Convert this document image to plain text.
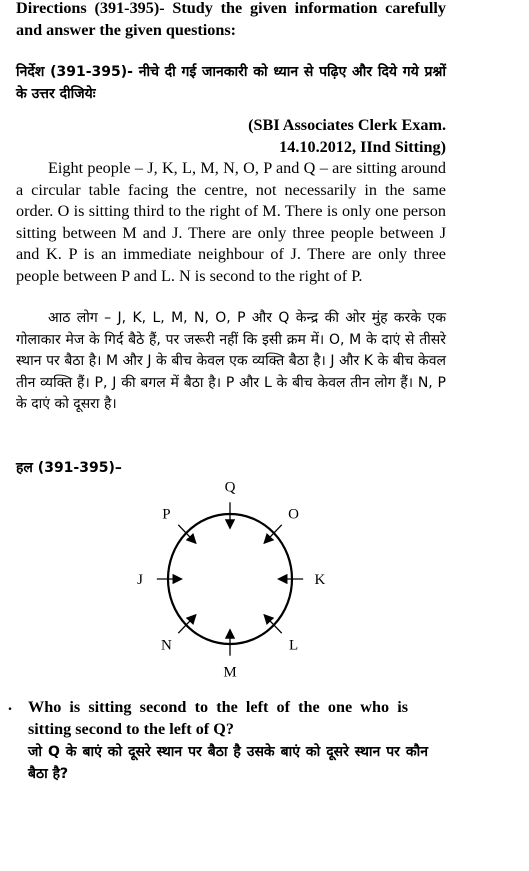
Directions (391-395)- Study the given information carefully and answer the given questions:
निर्देश (391-395)- नीचे दी गई जानकारी को ध्यान से पढ़िए और दिये गये प्रश्नों के उत्तर दीजियेः
(SBI Associates Clerk Exam.
14.10.2012, IInd Sitting)
Eight people – J, K, L, M, N, O, P and Q – are sitting around a circular table facing the centre, not necessarily in the same order. O is sitting third to the right of M. There is only one person sitting between M and J. There are only three people between J and K. P is an immediate neighbour of J. There are only three people between P and L. N is second to the right of P.
आठ लोग – J, K, L, M, N, O, P और Q केन्द्र की ओर मुंह करके एक गोलाकार मेज के गिर्द बैठे हैं, पर जरूरी नहीं कि इसी क्रम में। O, M के दाएं से तीसरे स्थान पर बैठा है। M और J के बीच केवल एक व्यक्ति बैठा है। J और K के बीच केवल तीन व्यक्ति हैं। P, J की बगल में बैठा है। P और L के बीच केवल तीन लोग हैं। N, P के दाएं को दूसरा है।
हल (391-395)–
Q
O
K
L
M
N
J
P
. Who is sitting second to the left of the one who is sitting second to the left of Q?
जो Q के बाएं को दूसरे स्थान पर बैठा है उसके बाएं को दूसरे स्थान पर कौन बैठा है?
